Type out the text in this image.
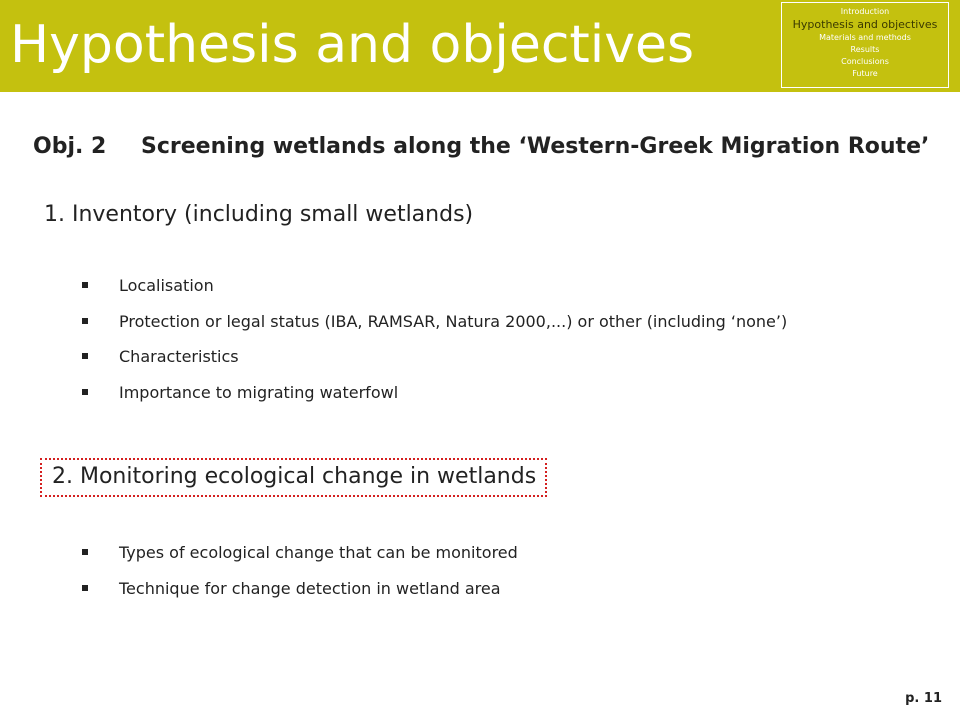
Hypothesis and objectives
Introduction
Hypothesis and objectives
Materials and methods
Results
Conclusions
Future
Obj. 2 Screening wetlands along the ‘Western-Greek Migration Route’
1. Inventory (including small wetlands)
Localisation
Protection or legal status (IBA, RAMSAR, Natura 2000,...) or other (including ‘none’)
Characteristics
Importance to migrating waterfowl
2. Monitoring ecological change in wetlands
Types of ecological change that can be monitored
Technique for change detection in wetland area
p. 11
